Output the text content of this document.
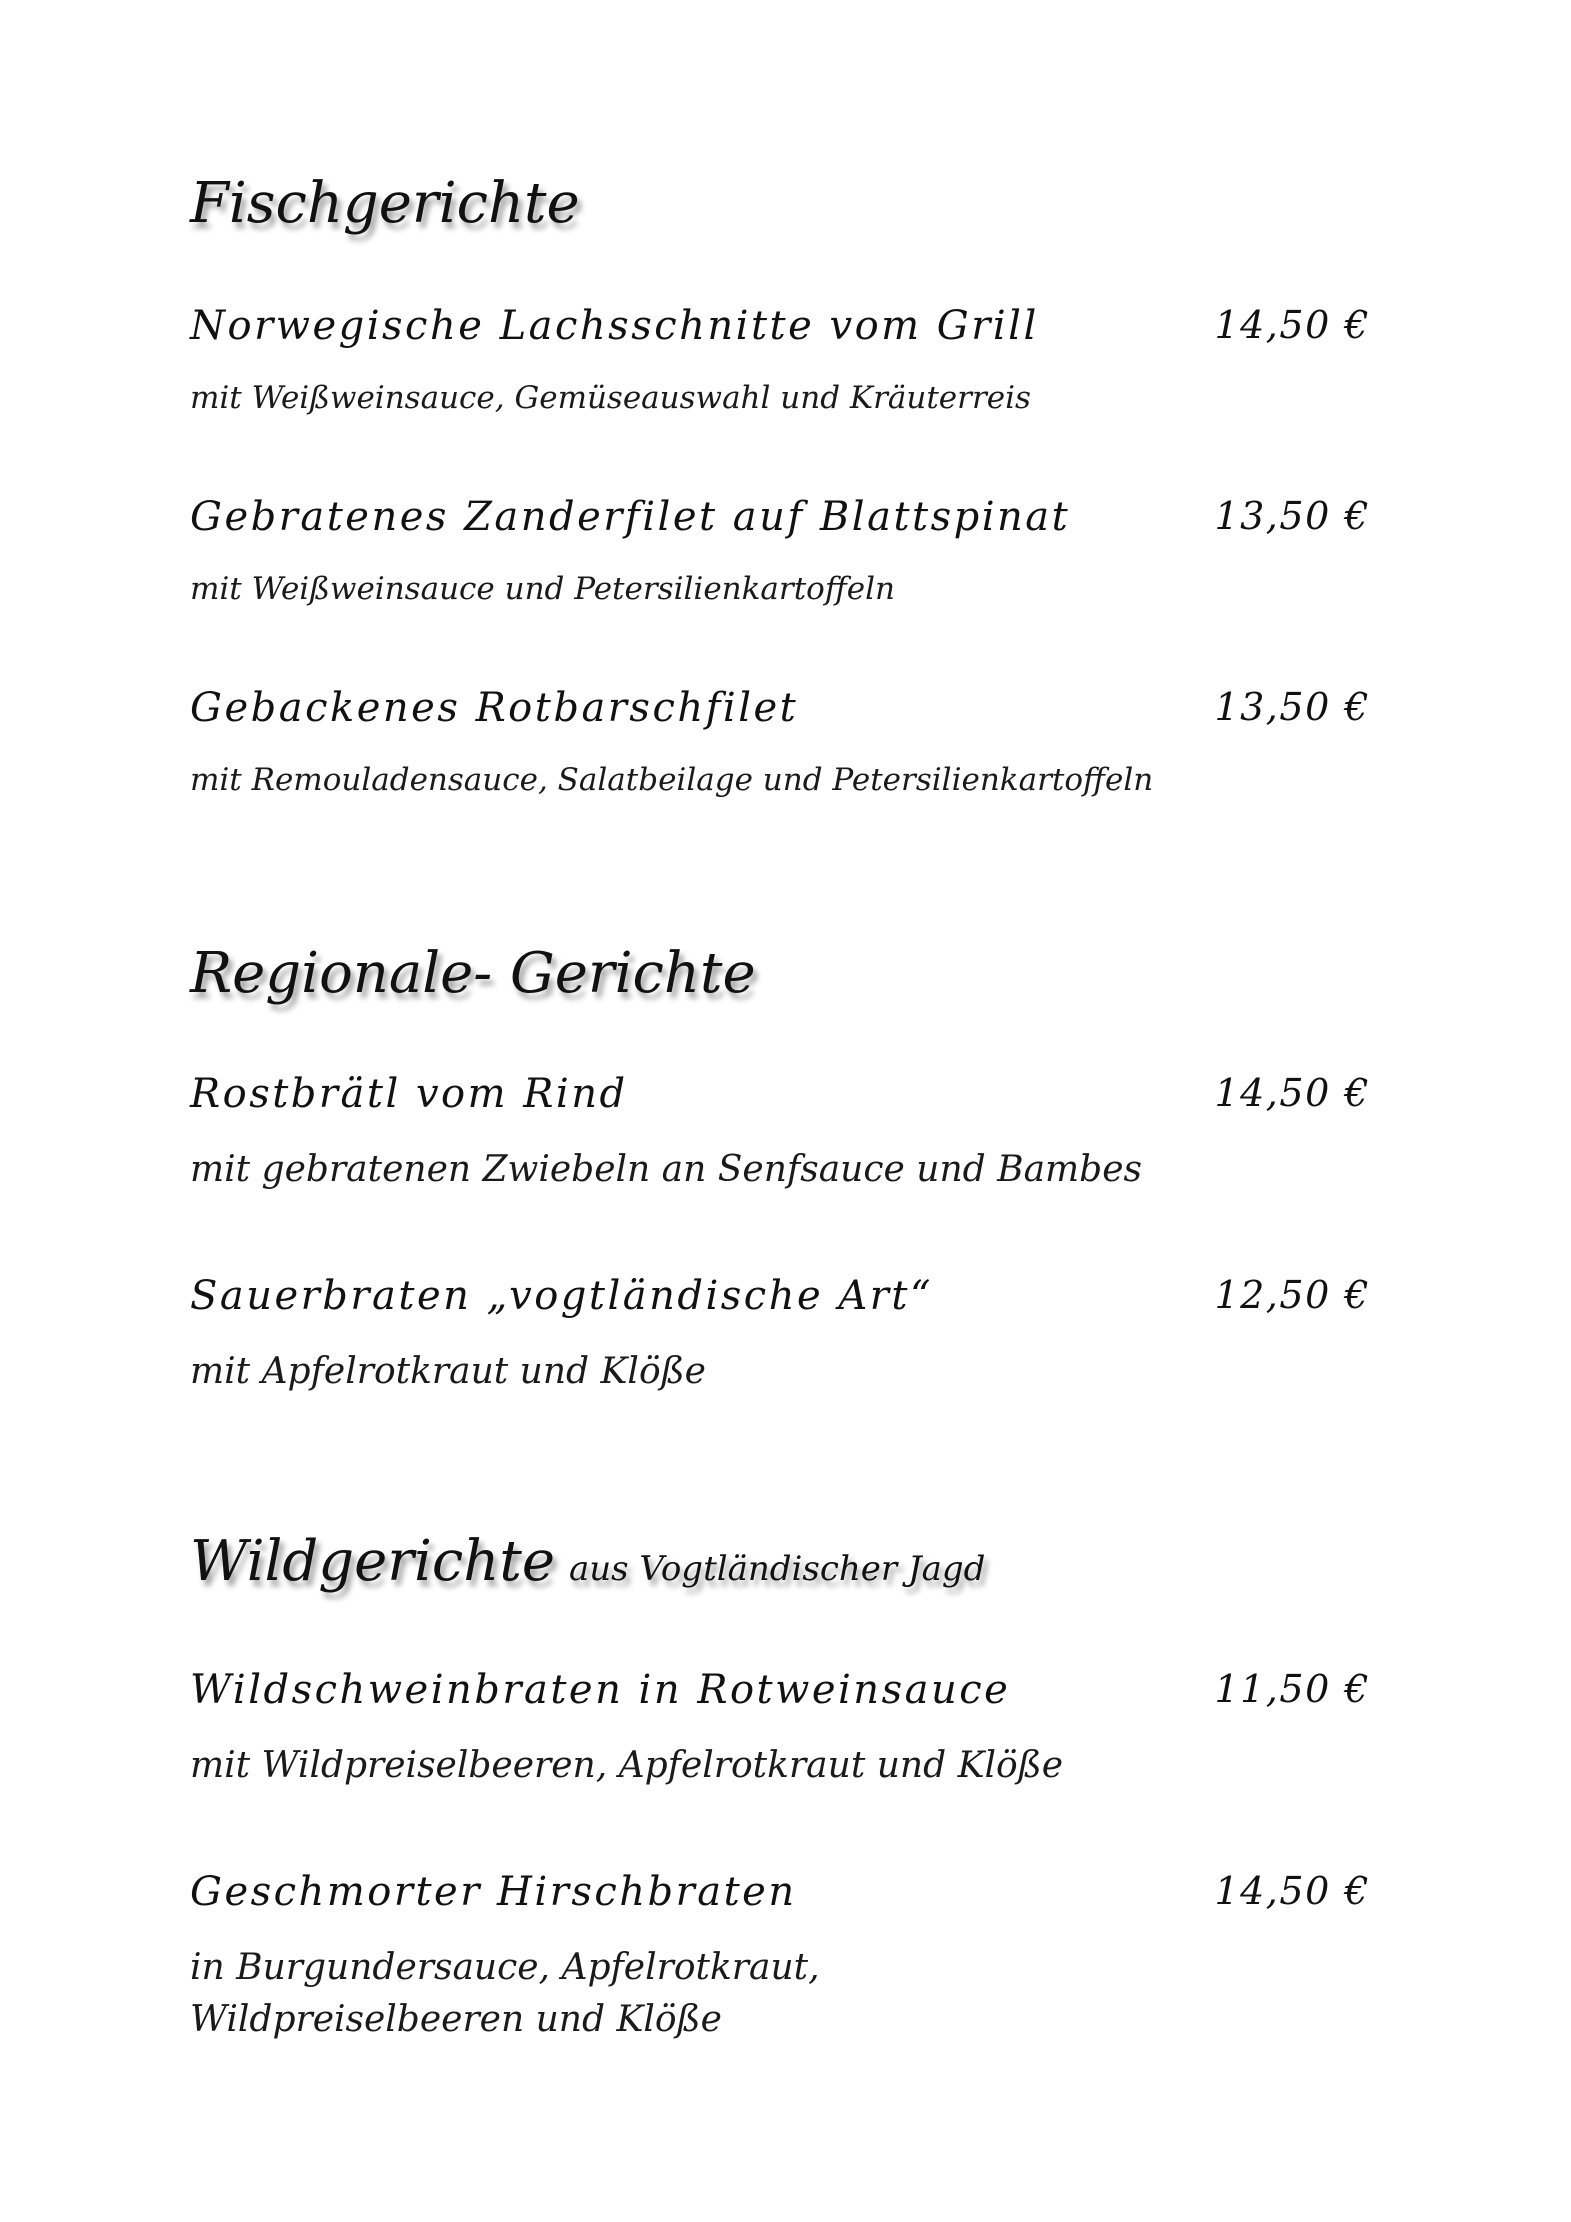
Fischgerichte
Norwegische Lachsschnitte vom Grill	14,50 €
mit Weißweinsauce, Gemüseauswahl und Kräuterreis
Gebratenes Zanderfilet auf Blattspinat	13,50 €
mit Weißweinsauce und Petersilienkartoffeln
Gebackenes Rotbarschfilet	13,50 €
mit Remouladensauce, Salatbeilage und Petersilienkartoffeln
Regionale- Gerichte
Rostbrätl vom Rind	14,50 €
mit gebratenen Zwiebeln an Senfsauce und Bambes
Sauerbraten „vogtländische Art“	12,50 €
mit Apfelrotkraut und Klöße
Wildgerichte aus Vogtländischer Jagd
Wildschweinbraten in Rotweinsauce	11,50 €
mit Wildpreiselbeeren, Apfelrotkraut und Klöße
Geschmorter Hirschbraten	14,50 €
in Burgundersauce, Apfelrotkraut,
Wildpreiselbeeren und Klöße
